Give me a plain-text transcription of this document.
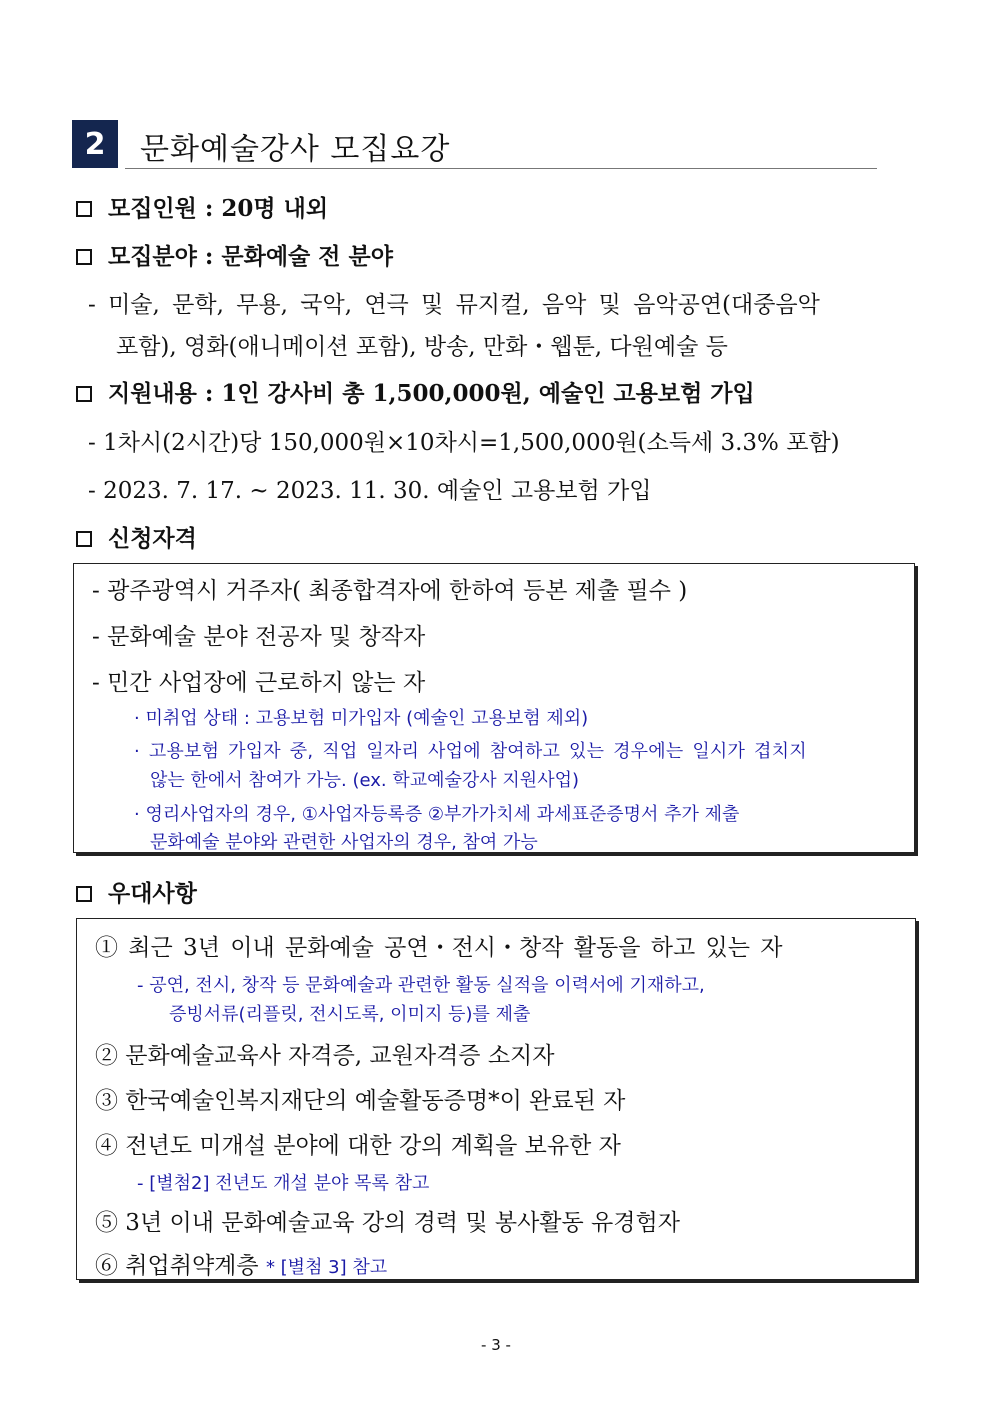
2	문화예술강사 모집요강
모집인원 : 20명 내외
모집분야 : 문화예술 전 분야
- 미술, 문학, 무용, 국악, 연극 및 뮤지컬, 음악 및 음악공연(대중음악
포함), 영화(애니메이션 포함), 방송, 만화・웹툰, 다원예술 등
지원내용 : 1인 강사비 총 1,500,000원, 예술인 고용보험 가입
- 1차시(2시간)당 150,000원×10차시=1,500,000원(소득세 3.3% 포함)
- 2023. 7. 17. ~ 2023. 11. 30. 예술인 고용보험 가입
신청자격
- 광주광역시 거주자( 최종합격자에 한하여 등본 제출 필수 )
- 문화예술 분야 전공자 및 창작자
- 민간 사업장에 근로하지 않는 자
· 미취업 상태 : 고용보험 미가입자 (예술인 고용보험 제외)
· 고용보험 가입자 중, 직업 일자리 사업에 참여하고 있는 경우에는 일시가 겹치지
않는 한에서 참여가 가능. (ex. 학교예술강사 지원사업)
· 영리사업자의 경우, ①사업자등록증 ②부가가치세 과세표준증명서 추가 제출
문화예술 분야와 관련한 사업자의 경우, 참여 가능
우대사항
① 최근 3년 이내 문화예술 공연・전시・창작 활동을 하고 있는 자
- 공연, 전시, 창작 등 문화예술과 관련한 활동 실적을 이력서에 기재하고,
증빙서류(리플릿, 전시도록, 이미지 등)를 제출
② 문화예술교육사 자격증, 교원자격증 소지자
③ 한국예술인복지재단의 예술활동증명*이 완료된 자
④ 전년도 미개설 분야에 대한 강의 계획을 보유한 자
- [별첨2] 전년도 개설 분야 목록 참고
⑤ 3년 이내 문화예술교육 강의 경력 및 봉사활동 유경험자
⑥ 취업취약계층 * [별첨 3] 참고
- 3 -
